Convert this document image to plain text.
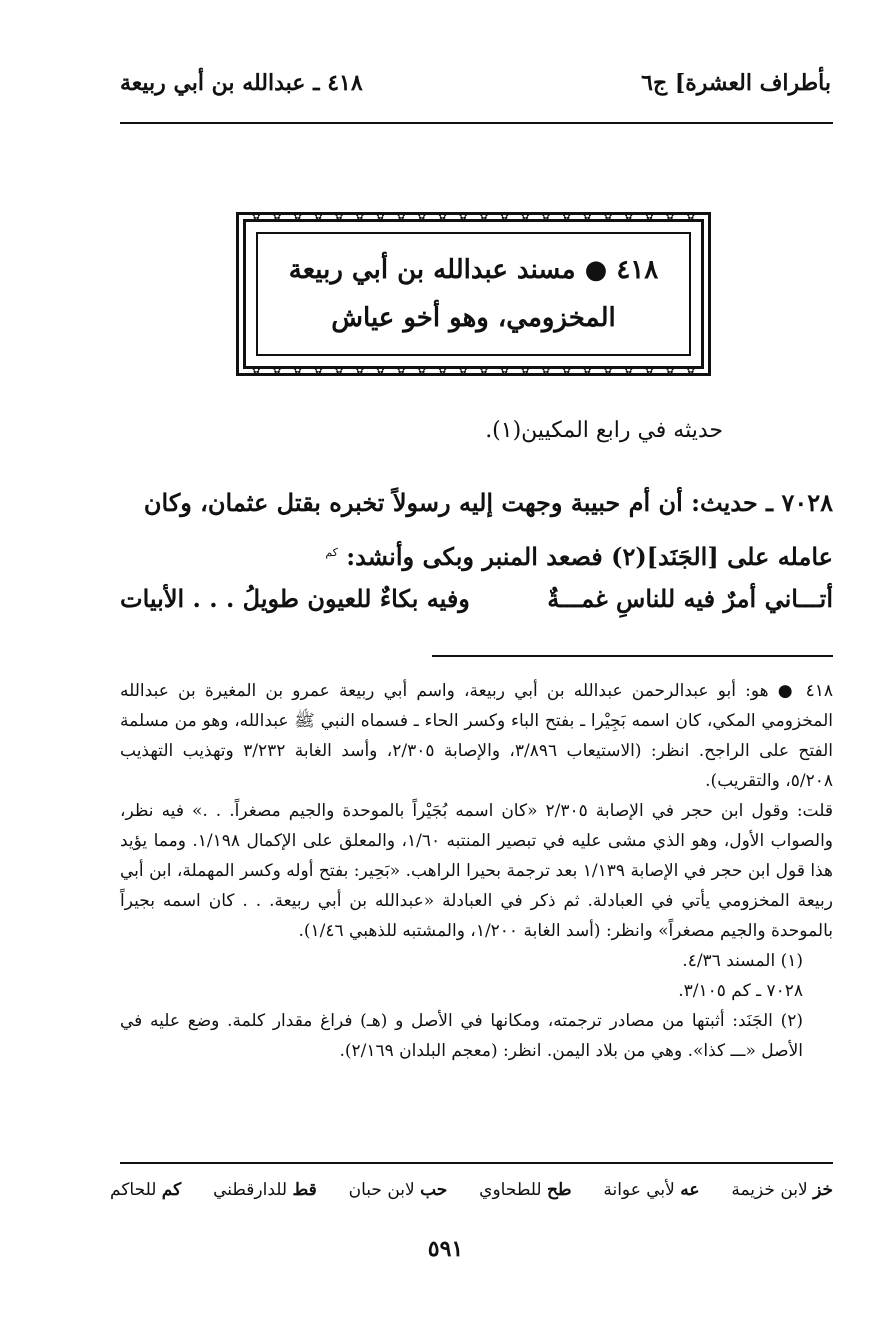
بأطراف العشرة] ج٦
٤١٨ ـ عبدالله بن أبي ربيعة
✿
✿
✿
✿
✿
✿
✿
✿
✿
✿
✿
✿
✿
✿
✿
✿
✿
✿
✿
✿
✿
✿
✿
✿
✿
✿
✿
✿
✿
✿
✿
✿
✿
✿
✿
✿
✿
✿
✿
✿
✿
✿
✿
✿
٤١٨ ● مسند عبدالله بن أبي ربيعة
المخزومي، وهو أخو عياش
حديثه في رابع المكيين(١).
٧٠٢٨ ـ حديث: أن أم حبيبة وجهت إليه رسولاً تخبره بقتل عثمان، وكان عامله على [الجَنَد](٢) فصعد المنبر وبكى وأنشد: $^{كم}$
أتـــاني أمرٌ فيه للناسِ غمـــةٌ
وفيه بكاءٌ للعيون طويلُ . . . الأبيات

٤١٨ ● هو: أبو عبدالرحمن عبدالله بن أبي ربيعة، واسم أبي ربيعة عمرو بن المغيرة بن عبدالله المخزومي المكي، كان اسمه بَجِيْرا ـ بفتح الباء وكسر الحاء ـ فسماه النبي ﷺ عبدالله، وهو من مسلمة الفتح على الراجح. انظر: (الاستيعاب ٣/٨٩٦، والإصابة ٢/٣٠٥، وأسد الغابة ٣/٢٣٢ وتهذيب التهذيب ٥/٢٠٨، والتقريب).

قلت: وقول ابن حجر في الإصابة ٢/٣٠٥ «كان اسمه بُجَيْراً بالموحدة والجيم مصغراً. . .» فيه نظر، والصواب الأول، وهو الذي مشى عليه في تبصير المنتبه ١/٦٠، والمعلق على الإكمال ١/١٩٨. ومما يؤيد هذا قول ابن حجر في الإصابة ١/١٣٩ بعد ترجمة بحيرا الراهب. «بَحِير: بفتح أوله وكسر المهملة، ابن أبي ربيعة المخزومي يأتي في العبادلة. ثم ذكر في العبادلة «عبدالله بن أبي ربيعة. . . كان اسمه بجيراً بالموحدة والجيم مصغراً» وانظر: (أسد الغابة ١/٢٠٠، والمشتبه للذهبي ١/٤٦).

(١) المسند ٤/٣٦.

٧٠٢٨ ـ كم ٣/١٠٥.

(٢) الجَنَد: أثبتها من مصادر ترجمته، ومكانها في الأصل و (هـ) فراغ مقدار كلمة. وضع عليه في الأصل «ـــ كذا». وهي من بلاد اليمن. انظر: (معجم البلدان ٢/١٦٩).

خز لابن خزيمة
عه لأبي عوانة
طح للطحاوي
حب لابن حبان
قط للدارقطني
كم للحاكم
٥٩١
